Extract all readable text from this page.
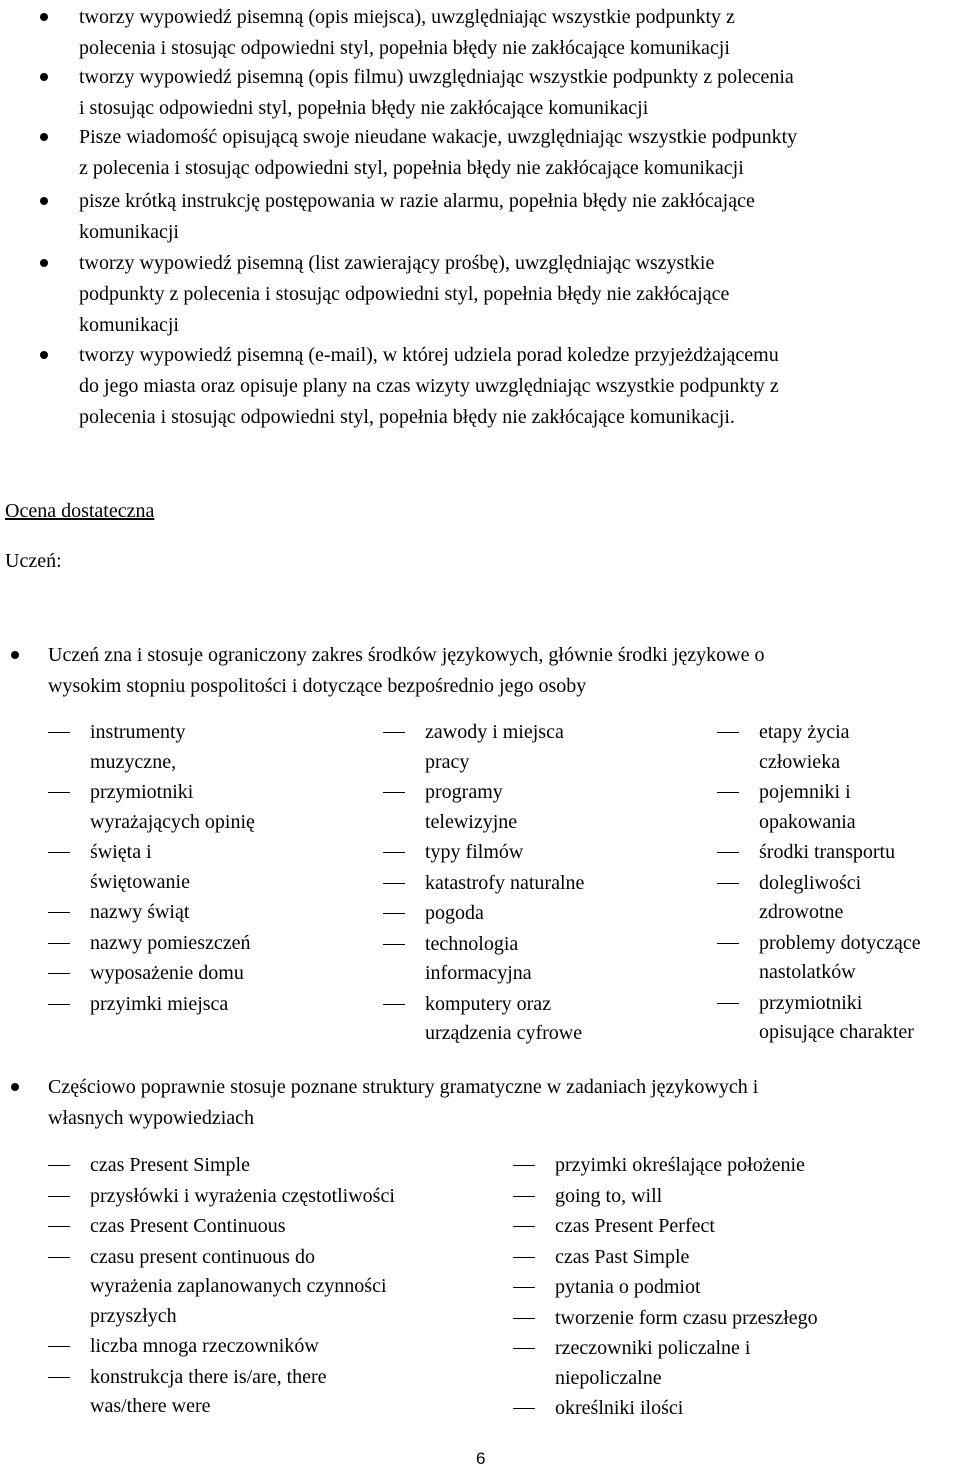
tworzy wypowiedź pisemną (opis miejsca), uwzględniając wszystkie podpunkty z
polecenia i stosując odpowiedni styl, popełnia błędy nie zakłócające komunikacji
tworzy wypowiedź pisemną (opis filmu) uwzględniając wszystkie podpunkty z polecenia
i stosując odpowiedni styl, popełnia błędy nie zakłócające komunikacji
Pisze wiadomość opisującą swoje nieudane wakacje, uwzględniając wszystkie podpunkty
z polecenia i stosując odpowiedni styl, popełnia błędy nie zakłócające komunikacji
pisze krótką instrukcję postępowania w razie alarmu, popełnia błędy nie zakłócające
komunikacji
tworzy wypowiedź pisemną (list zawierający prośbę), uwzględniając wszystkie
podpunkty z polecenia i stosując odpowiedni styl, popełnia błędy nie zakłócające
komunikacji
tworzy wypowiedź pisemną (e-mail), w której udziela porad koledze przyjeżdżającemu
do jego miasta oraz opisuje plany na czas wizyty uwzględniając wszystkie podpunkty z
polecenia i stosując odpowiedni styl, popełnia błędy nie zakłócające komunikacji.
Ocena dostateczna
Uczeń:
Uczeń zna i stosuje ograniczony zakres środków językowych, głównie środki językowe o
wysokim stopniu pospolitości i dotyczące bezpośrednio jego osoby
instrumenty
muzyczne,
przymiotniki
wyrażających opinię
święta i
świętowanie
nazwy świąt
nazwy pomieszczeń
wyposażenie domu
przyimki miejsca
zawody i miejsca
pracy
programy
telewizyjne
typy filmów
katastrofy naturalne
pogoda
technologia
informacyjna
komputery oraz
urządzenia cyfrowe
etapy życia
człowieka
pojemniki i
opakowania
środki transportu
dolegliwości
zdrowotne
problemy dotyczące
nastolatków
przymiotniki
opisujące charakter
Częściowo poprawnie stosuje poznane struktury gramatyczne w zadaniach językowych i
własnych wypowiedziach
czas Present Simple
przysłówki i wyrażenia częstotliwości
czas Present Continuous
czasu present continuous do
wyrażenia zaplanowanych czynności
przyszłych
liczba mnoga rzeczowników
konstrukcja there is/are, there
was/there were
przyimki określające położenie
going to, will
czas Present Perfect
czas Past Simple
pytania o podmiot
tworzenie form czasu przeszłego
rzeczowniki policzalne i
niepoliczalne
określniki ilości
6
